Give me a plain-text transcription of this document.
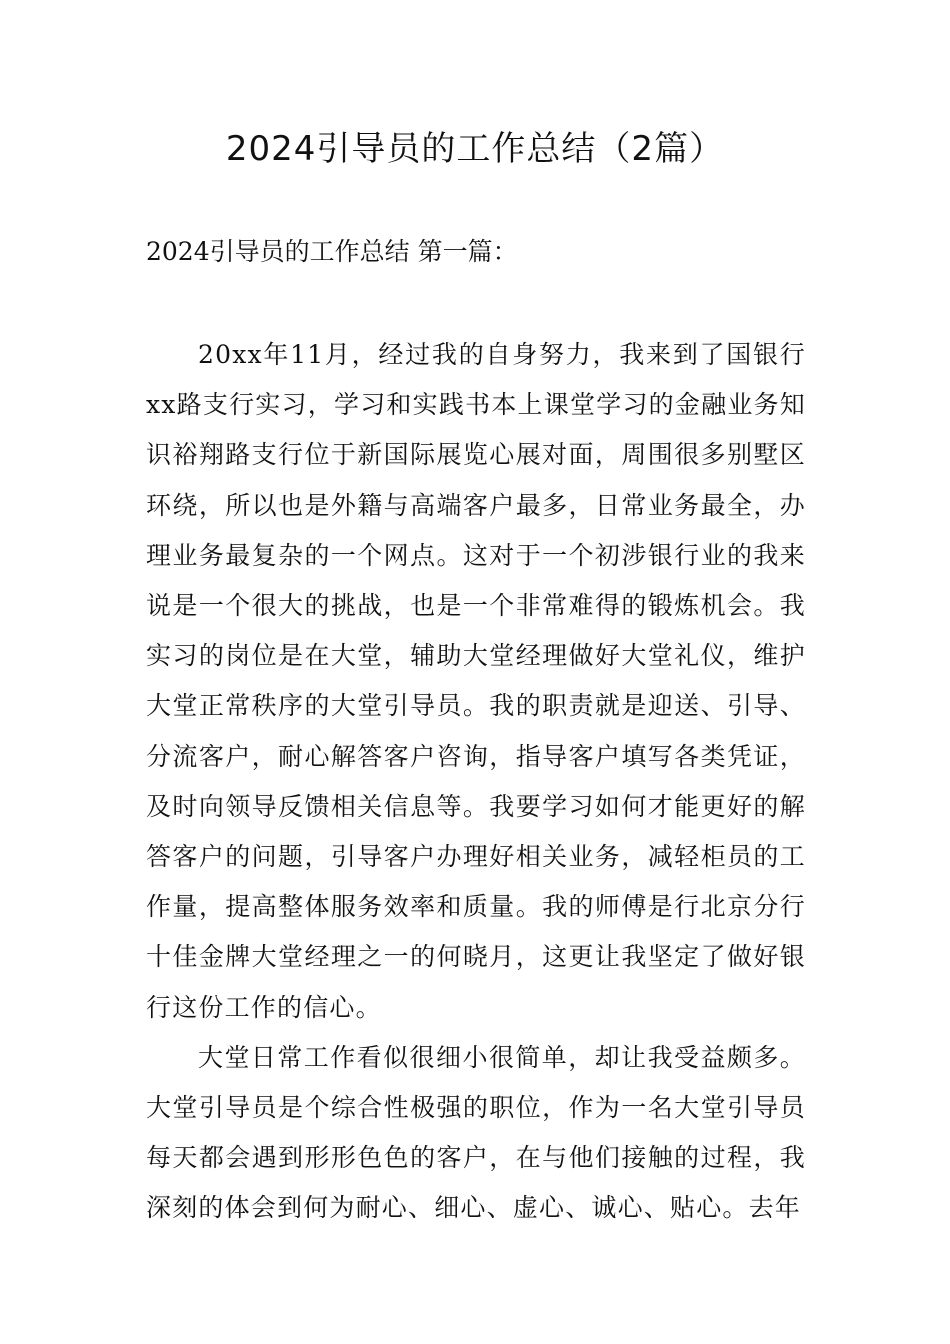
2024引导员的工作总结（2篇）

2024引导员的工作总结 第一篇：

20xx年11月，经过我的自身努力，我来到了国银行xx路支行实习，学习和实践书本上课堂学习的金融业务知识裕翔路支行位于新国际展览心展对面，周围很多别墅区环绕，所以也是外籍与高端客户最多，日常业务最全，办理业务最复杂的一个网点。这对于一个初涉银行业的我来说是一个很大的挑战，也是一个非常难得的锻炼机会。我实习的岗位是在大堂，辅助大堂经理做好大堂礼仪，维护大堂正常秩序的大堂引导员。我的职责就是迎送、引导、分流客户，耐心解答客户咨询，指导客户填写各类凭证，及时向领导反馈相关信息等。我要学习如何才能更好的解答客户的问题，引导客户办理好相关业务，减轻柜员的工作量，提高整体服务效率和质量。我的师傅是行北京分行十佳金牌大堂经理之一的何晓月，这更让我坚定了做好银行这份工作的信心。

大堂日常工作看似很细小很简单，却让我受益颇多。大堂引导员是个综合性极强的职位，作为一名大堂引导员每天都会遇到形形色色的客户，在与他们接触的过程，我深刻的体会到何为耐心、细心、虚心、诚心、贴心。去年
